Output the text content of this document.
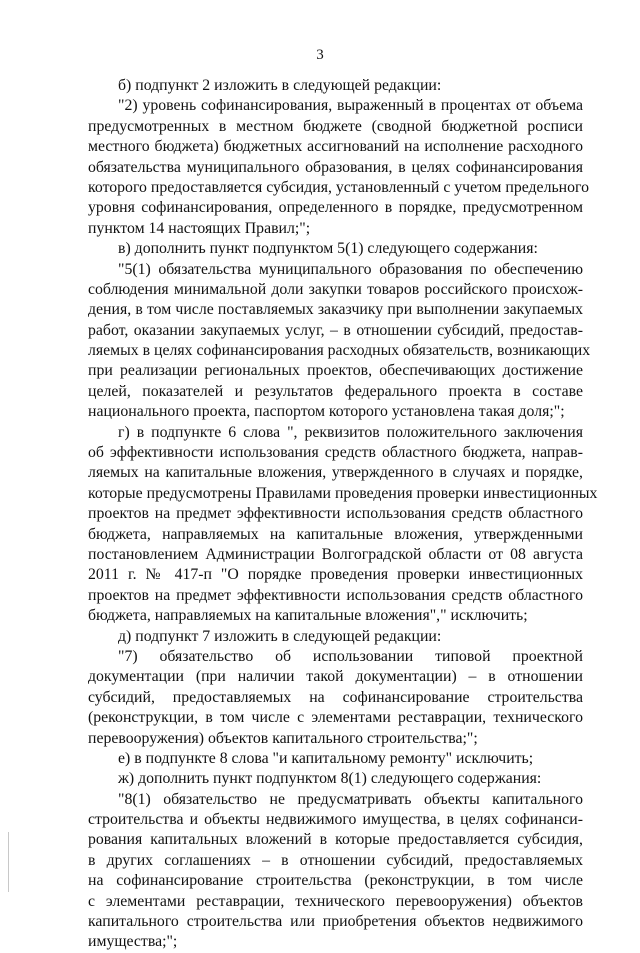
3
б) подпункт 2 изложить в следующей редакции:
"2) уровень софинансирования, выраженный в процентах от объема
предусмотренных в местном бюджете (сводной бюджетной росписи
местного бюджета) бюджетных ассигнований на исполнение расходного
обязательства муниципального образования, в целях софинансирования
которого предоставляется субсидия, установленный с учетом предельного
уровня софинансирования, определенного в порядке, предусмотренном
пунктом 14 настоящих Правил;";
в) дополнить пункт подпунктом 5(1) следующего содержания:
"5(1) обязательства муниципального образования по обеспечению
соблюдения минимальной доли закупки товаров российского происхож-
дения, в том числе поставляемых заказчику при выполнении закупаемых
работ, оказании закупаемых услуг, – в отношении субсидий, предостав-
ляемых в целях софинансирования расходных обязательств, возникающих
при реализации региональных проектов, обеспечивающих достижение
целей, показателей и результатов федерального проекта в составе
национального проекта, паспортом которого установлена такая доля;";
г) в подпункте 6 слова ", реквизитов положительного заключения
об эффективности использования средств областного бюджета, направ-
ляемых на капитальные вложения, утвержденного в случаях и порядке,
которые предусмотрены Правилами проведения проверки инвестиционных
проектов на предмет эффективности использования средств областного
бюджета, направляемых на капитальные вложения, утвержденными
постановлением Администрации Волгоградской области от 08 августа
2011 г. № 417-п "О порядке проведения проверки инвестиционных
проектов на предмет эффективности использования средств областного
бюджета, направляемых на капитальные вложения"," исключить;
д) подпункт 7 изложить в следующей редакции:
"7) обязательство об использовании типовой проектной
документации (при наличии такой документации) – в отношении
субсидий, предоставляемых на софинансирование строительства
(реконструкции, в том числе с элементами реставрации, технического
перевооружения) объектов капитального строительства;";
е) в подпункте 8 слова "и капитальному ремонту" исключить;
ж) дополнить пункт подпунктом 8(1) следующего содержания:
"8(1) обязательство не предусматривать объекты капитального
строительства и объекты недвижимого имущества, в целях софинанси-
рования капитальных вложений в которые предоставляется субсидия,
в других соглашениях – в отношении субсидий, предоставляемых
на софинансирование строительства (реконструкции, в том числе
с элементами реставрации, технического перевооружения) объектов
капитального строительства или приобретения объектов недвижимого
имущества;";
